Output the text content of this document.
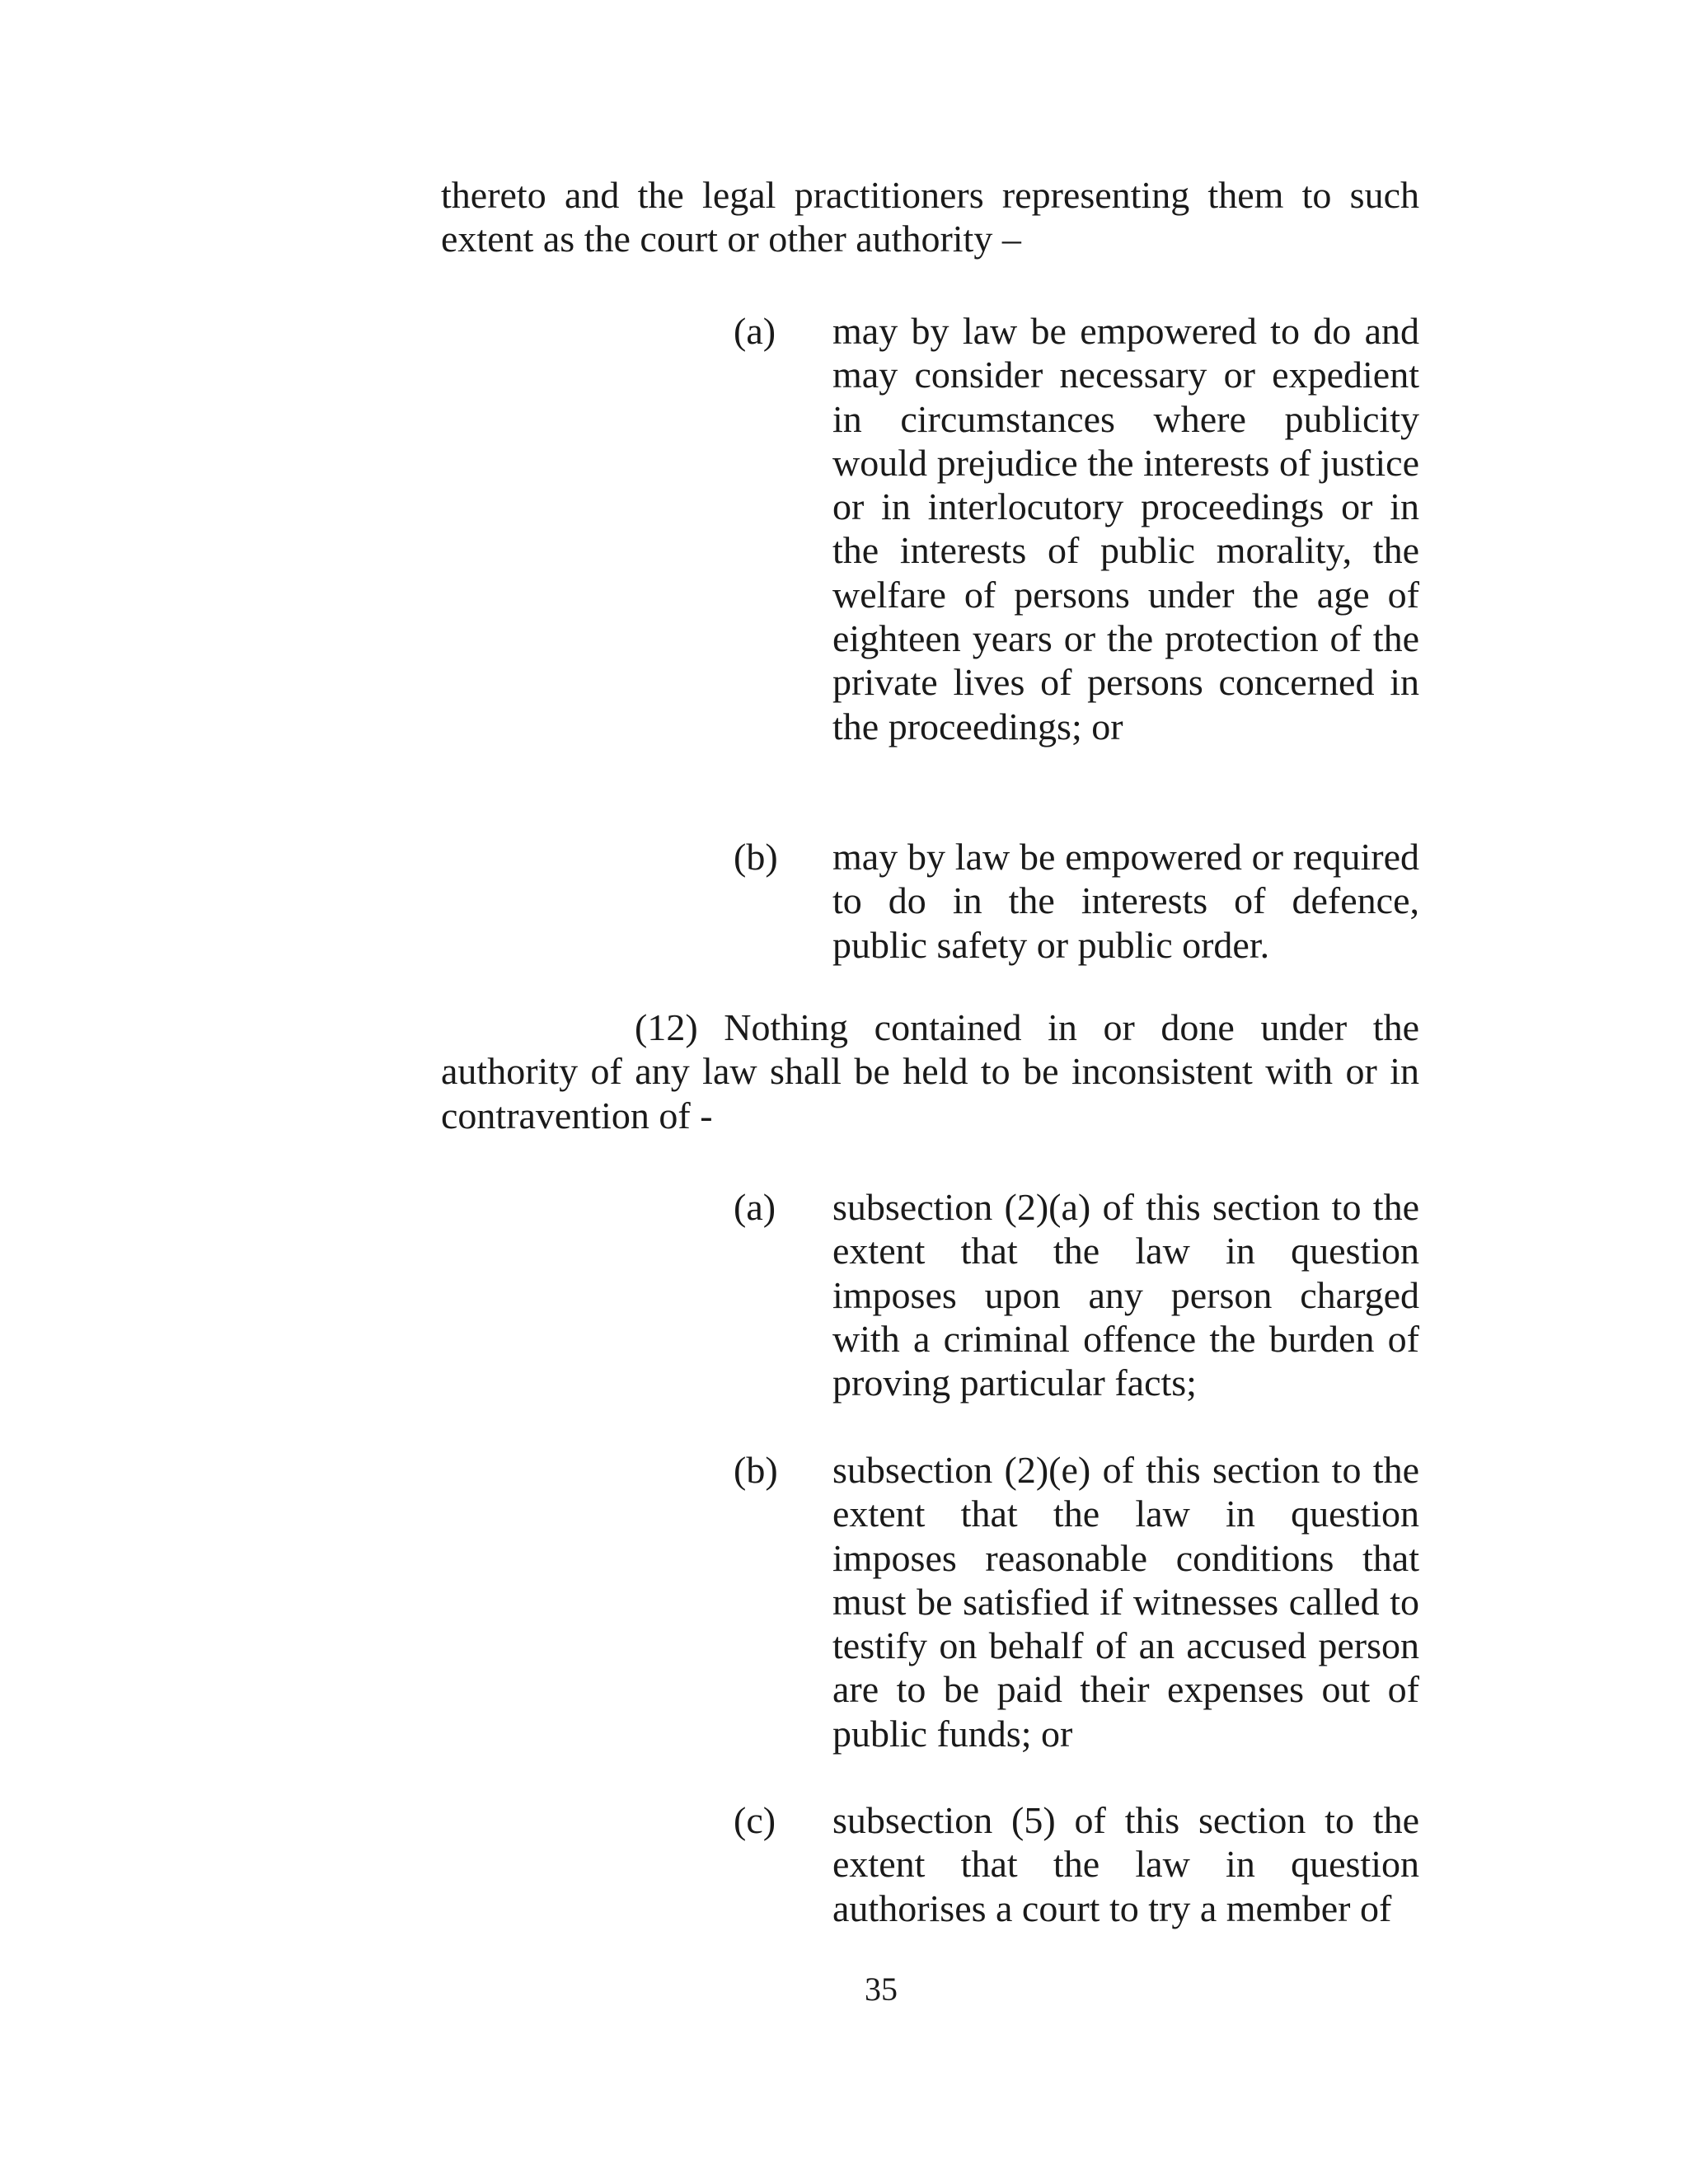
thereto and the legal practitioners representing them to such extent as the court or other authority –

(a)	may by law be empowered to do and may consider necessary or expedient in circumstances where publicity would prejudice the interests of justice or in interlocutory proceedings or in the interests of public morality, the welfare of persons under the age of eighteen years or the protection of the private lives of persons concerned in the proceedings; or

(b)	may by law be empowered or required to do in the interests of defence, public safety or public order.

(12) Nothing contained in or done under the authority of any law shall be held to be inconsistent with or in contravention of -

(a)	subsection (2)(a) of this section to the extent that the law in question imposes upon any person charged with a criminal offence the burden of proving particular facts;

(b)	subsection (2)(e) of this section to the extent that the law in question imposes reasonable conditions that must be satisfied if witnesses called to testify on behalf of an accused person are to be paid their expenses out of public funds; or

(c)	subsection (5) of this section to the extent that the law in question authorises a court to try a member of

35
